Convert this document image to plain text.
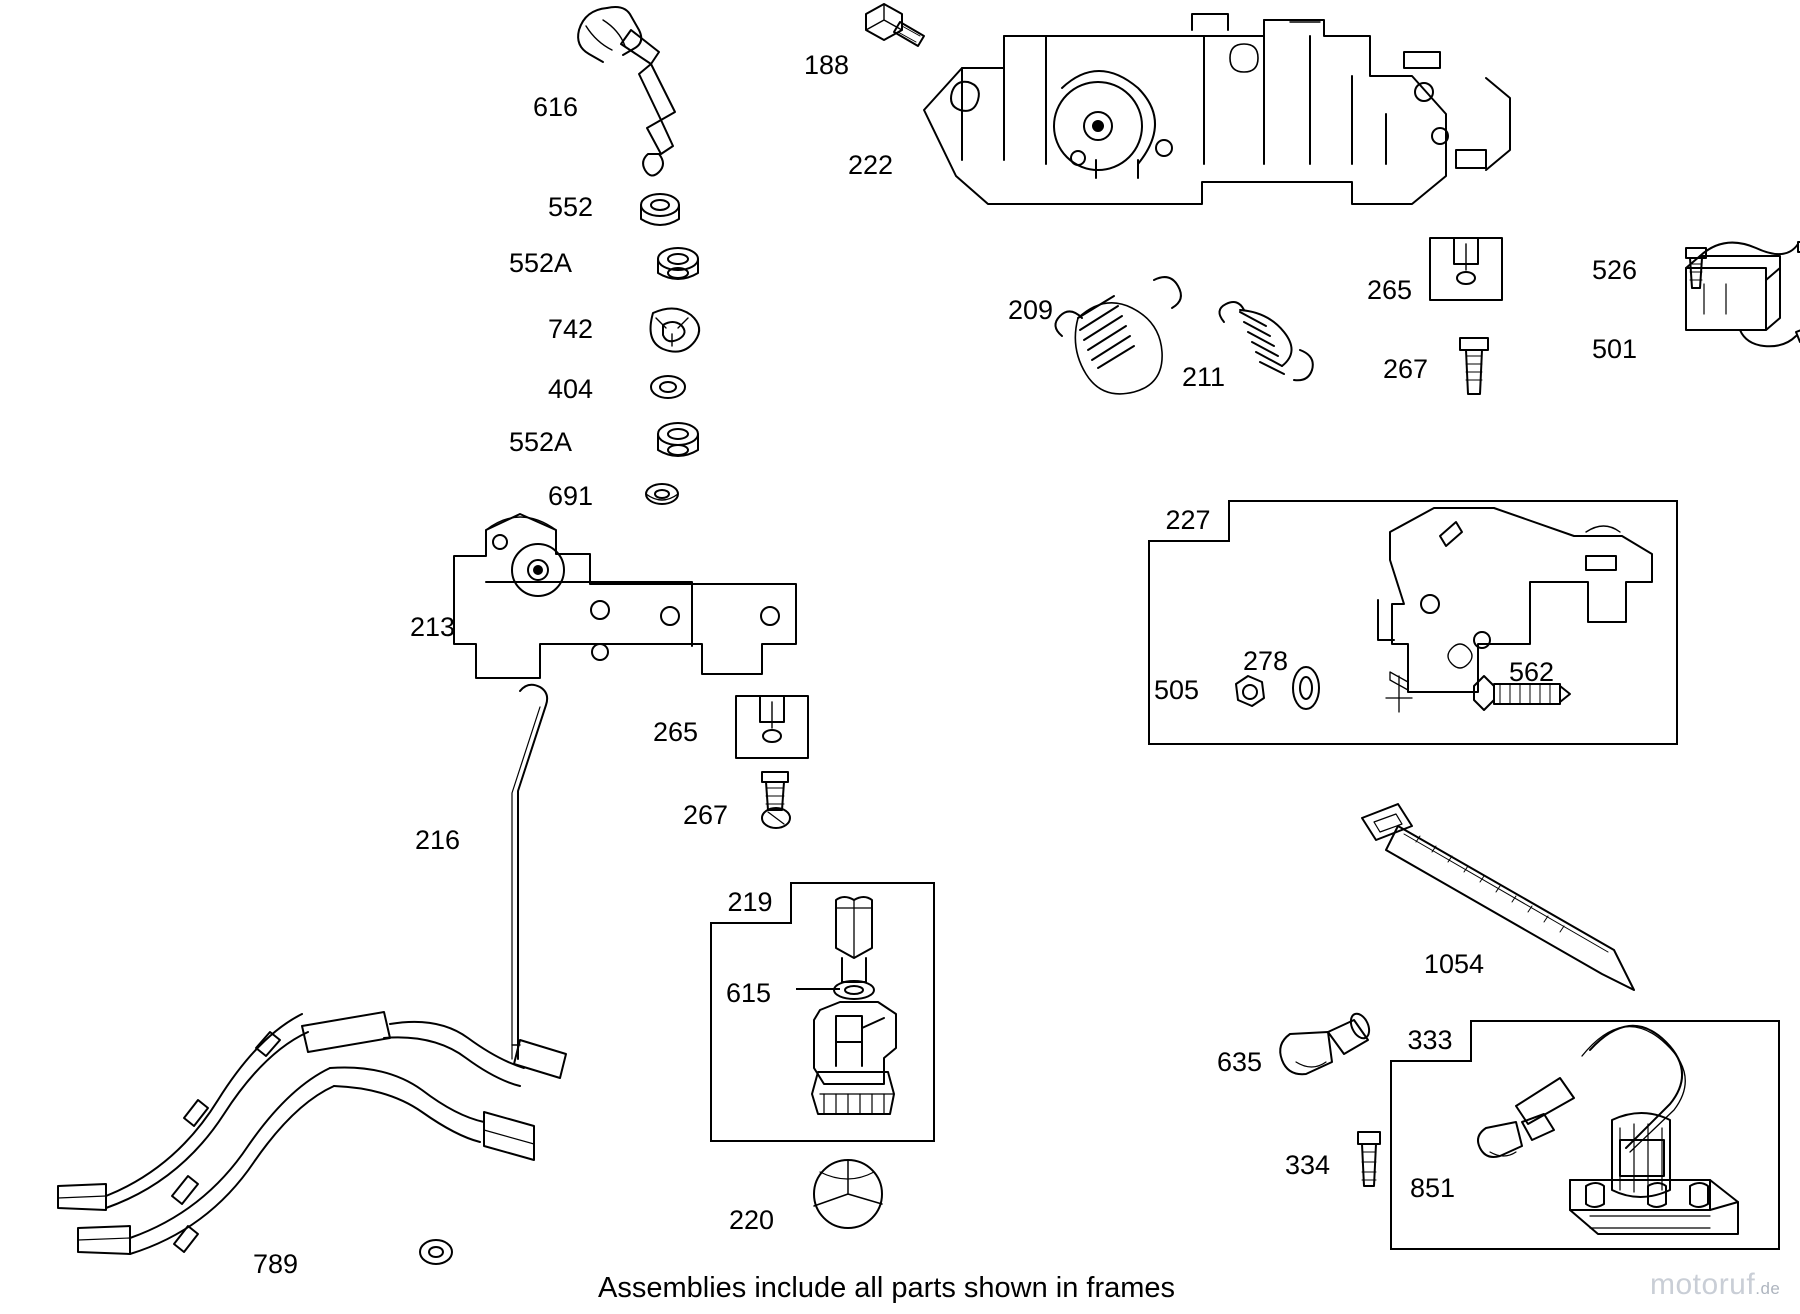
227
219
333
616
552
552A
742
404
552A
691
188
222
209
211
265
267
526
501
213
265
267
216
505
278	562
615
220
1054
635
334
851
789
Assemblies include all parts shown in frames	motoruf.de
